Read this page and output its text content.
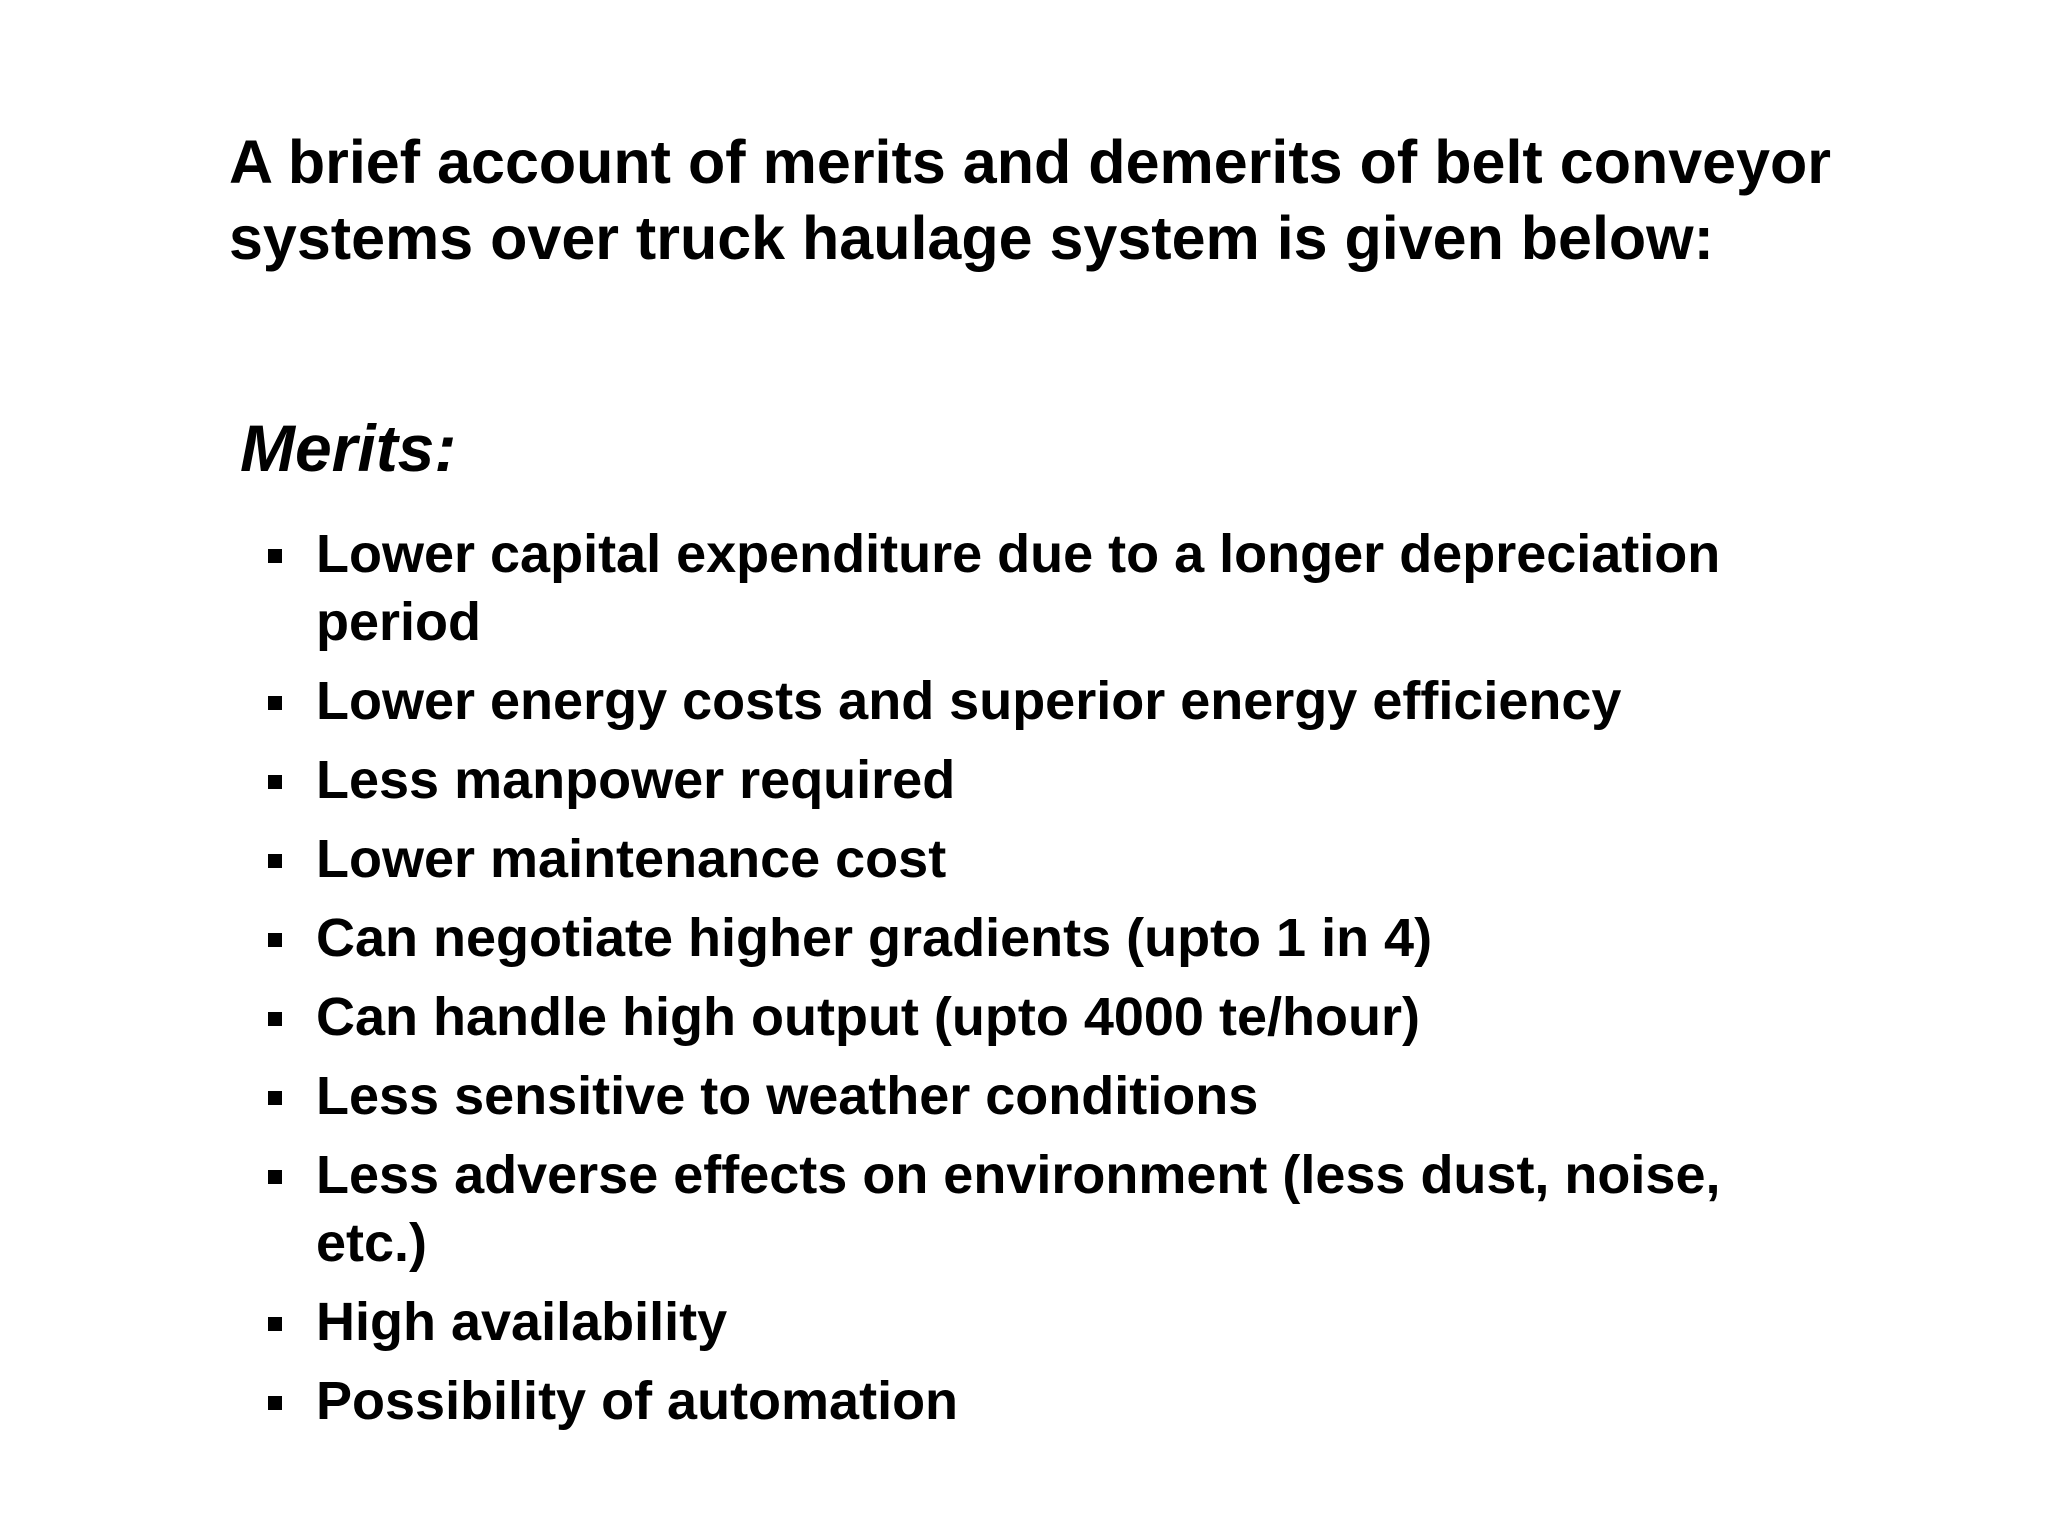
A brief account of merits and demerits of belt conveyor systems over truck haulage system is given below:

Merits:
Lower capital expenditure due to a longer depreciation period
Lower energy costs and superior energy efficiency
Less manpower required
Lower maintenance cost
Can negotiate higher gradients (upto 1 in 4)
Can handle high output (upto 4000 te/hour)
Less sensitive to weather conditions
Less adverse effects on environment (less dust, noise, etc.)
High availability
Possibility of automation
